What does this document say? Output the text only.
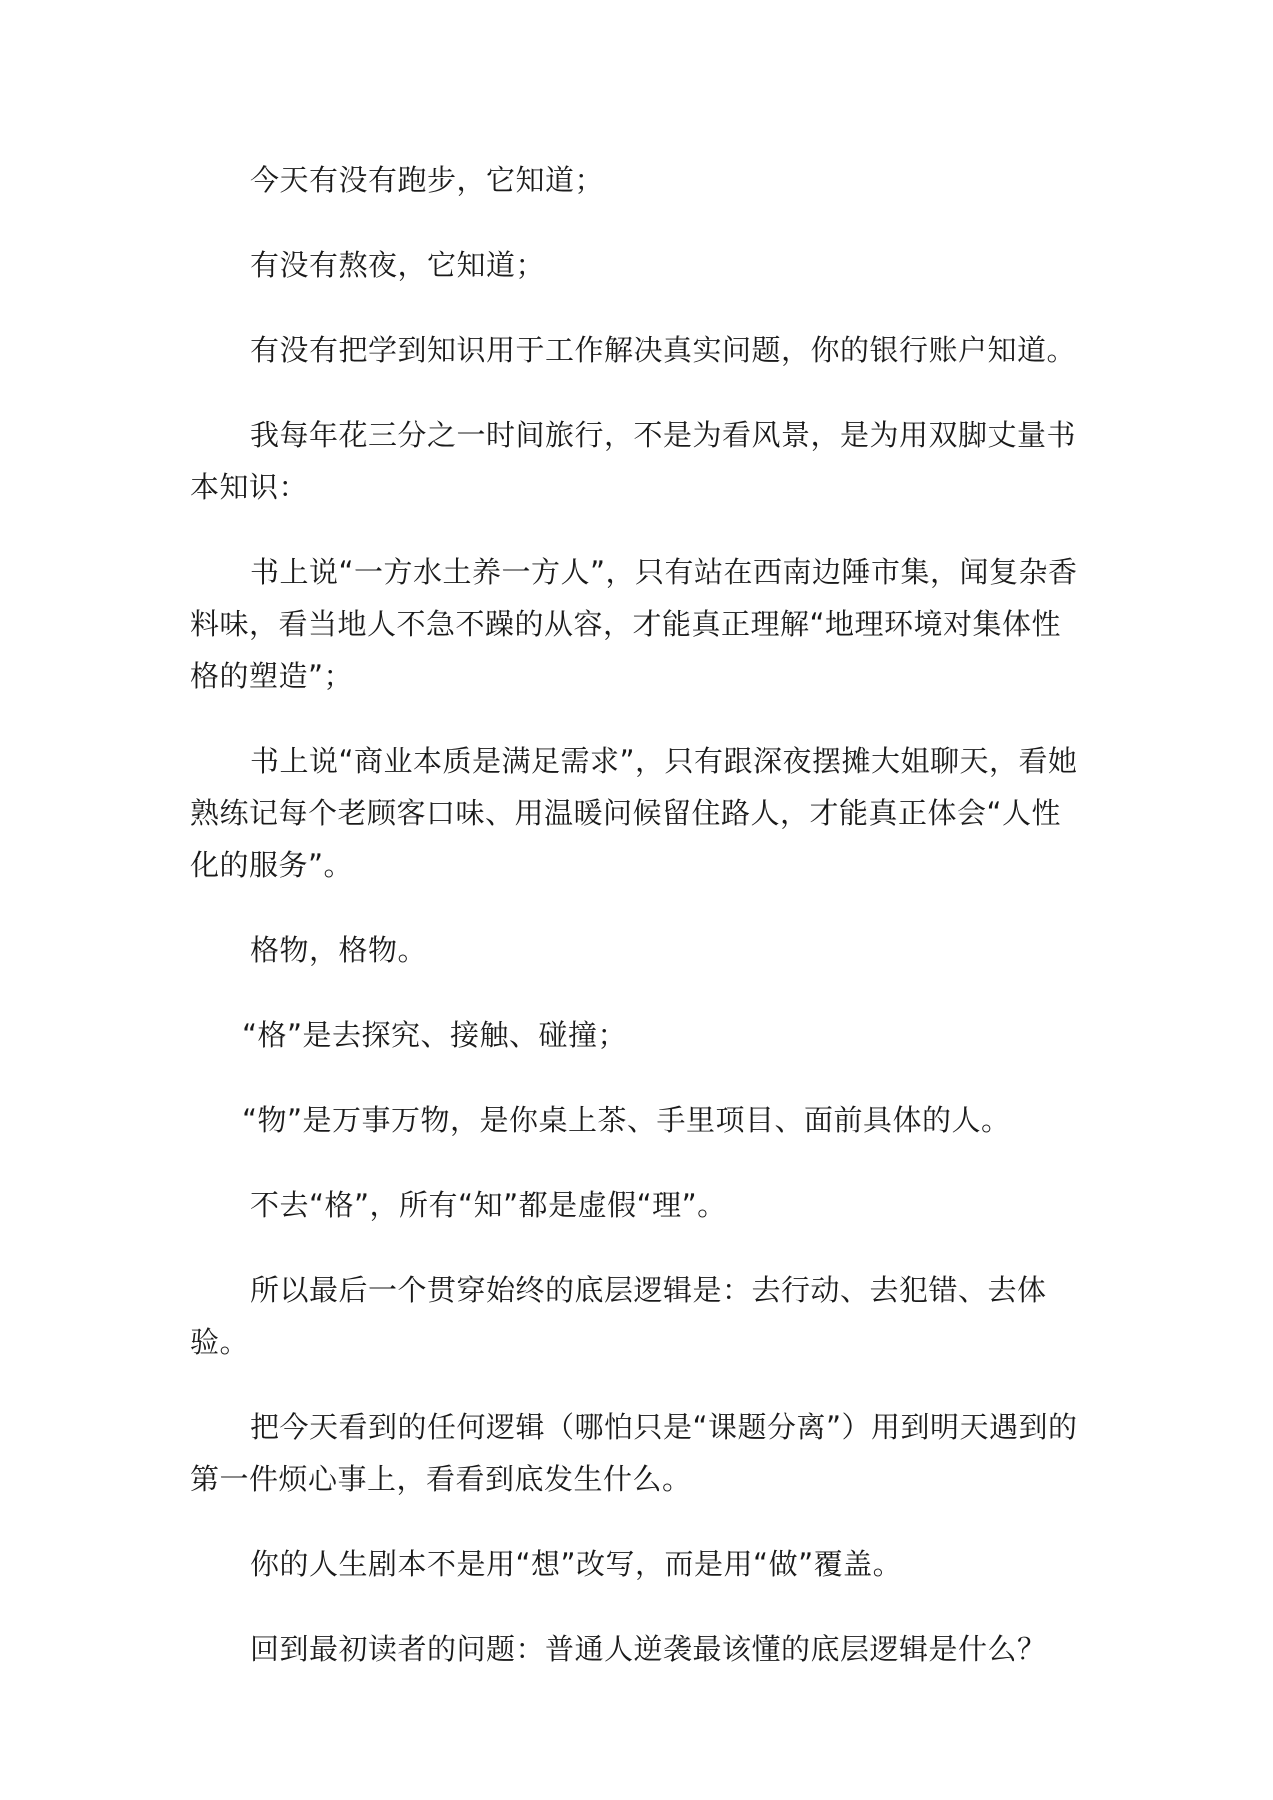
今天有没有跑步，它知道；

有没有熬夜，它知道；

有没有把学到知识用于工作解决真实问题，你的银行账户知道。

我每年花三分之一时间旅行，不是为看风景，是为用双脚丈量书本知识：

书上说“一方水土养一方人”，只有站在西南边陲市集，闻复杂香料味，看当地人不急不躁的从容，才能真正理解“地理环境对集体性格的塑造”；

书上说“商业本质是满足需求”，只有跟深夜摆摊大姐聊天，看她熟练记每个老顾客口味、用温暖问候留住路人，才能真正体会“人性化的服务”。

格物，格物。

“格”是去探究、接触、碰撞；

“物”是万事万物，是你桌上茶、手里项目、面前具体的人。

不去“格”，所有“知”都是虚假“理”。

所以最后一个贯穿始终的底层逻辑是：去行动、去犯错、去体验。

把今天看到的任何逻辑（哪怕只是“课题分离”）用到明天遇到的第一件烦心事上，看看到底发生什么。

你的人生剧本不是用“想”改写，而是用“做”覆盖。

回到最初读者的问题：普通人逆袭最该懂的底层逻辑是什么？
